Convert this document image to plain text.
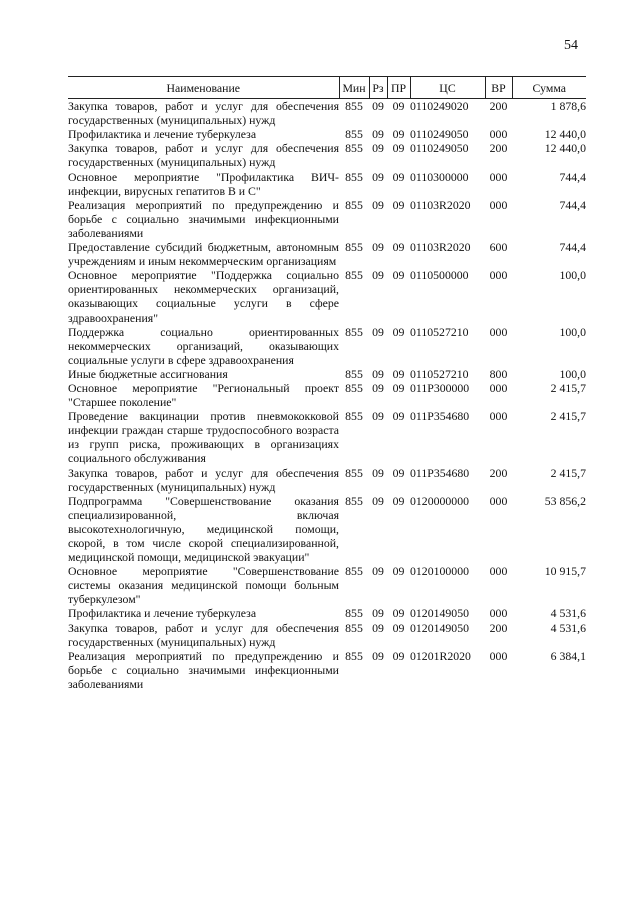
54
Наименование	Мин	Рз	ПР	ЦС	ВР	Сумма
Закупка товаров, работ и услуг для обеспечения государственных (муниципальных) нужд	855	09	09	0110249020	200	1 878,6
Профилактика и лечение туберкулеза	855	09	09	0110249050	000	12 440,0
Закупка товаров, работ и услуг для обеспечения государственных (муниципальных) нужд	855	09	09	0110249050	200	12 440,0
Основное мероприятие "Профилактика ВИЧ-инфекции, вирусных гепатитов В и С"	855	09	09	0110300000	000	744,4
Реализация мероприятий по предупреждению и борьбе с социально значимыми инфекционными заболеваниями	855	09	09	01103R2020	000	744,4
Предоставление субсидий бюджетным, автономным учреждениям и иным некоммерческим организациям	855	09	09	01103R2020	600	744,4
Основное мероприятие "Поддержка социально ориентированных некоммерческих организаций, оказывающих социальные услуги в сфере здравоохранения"	855	09	09	0110500000	000	100,0
Поддержка социально ориентированных некоммерческих организаций, оказывающих социальные услуги в сфере здравоохранения	855	09	09	0110527210	000	100,0
Иные бюджетные ассигнования	855	09	09	0110527210	800	100,0
Основное мероприятие "Региональный проект "Старшее поколение"	855	09	09	011P300000	000	2 415,7
Проведение вакцинации против пневмококковой инфекции граждан старше трудоспособного возраста из групп риска, проживающих в организациях социального обслуживания	855	09	09	011P354680	000	2 415,7
Закупка товаров, работ и услуг для обеспечения государственных (муниципальных) нужд	855	09	09	011P354680	200	2 415,7
Подпрограмма "Совершенствование оказания специализированной, включая высокотехнологичную, медицинской помощи, скорой, в том числе скорой специализированной, медицинской помощи, медицинской эвакуации"	855	09	09	0120000000	000	53 856,2
Основное мероприятие "Совершенствование системы оказания медицинской помощи больным туберкулезом"	855	09	09	0120100000	000	10 915,7
Профилактика и лечение туберкулеза	855	09	09	0120149050	000	4 531,6
Закупка товаров, работ и услуг для обеспечения государственных (муниципальных) нужд	855	09	09	0120149050	200	4 531,6
Реализация мероприятий по предупреждению и борьбе с социально значимыми инфекционными заболеваниями	855	09	09	01201R2020	000	6 384,1
